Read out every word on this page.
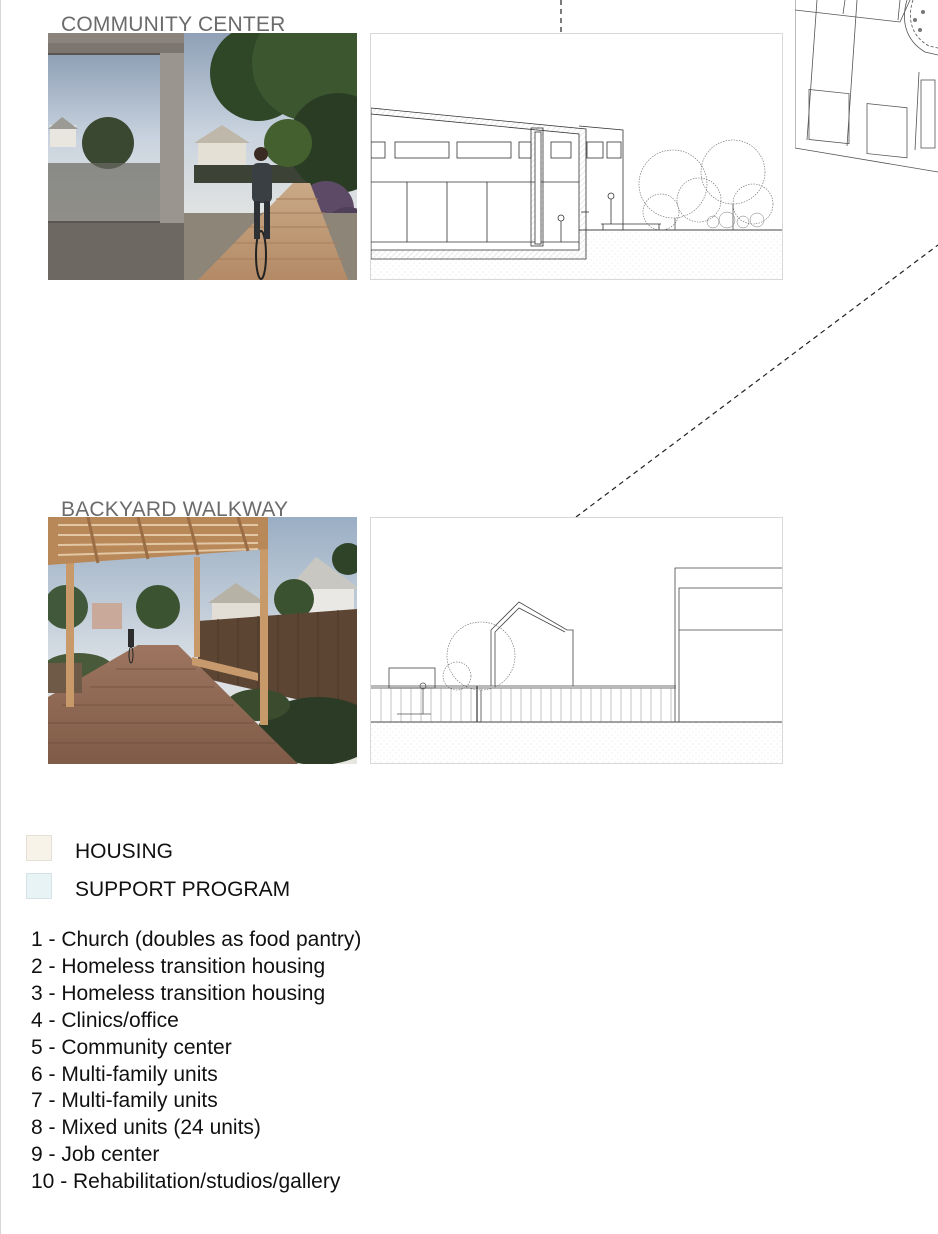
COMMUNITY CENTER
BACKYARD WALKWAY
HOUSING
SUPPORT PROGRAM
1 - Church (doubles as food pantry)
2 - Homeless transition housing
3 - Homeless transition housing
4 - Clinics/office
5 - Community center
6 - Multi-family units
7 - Multi-family units
8 - Mixed units (24 units)
9 - Job center
10 - Rehabilitation/studios/gallery
